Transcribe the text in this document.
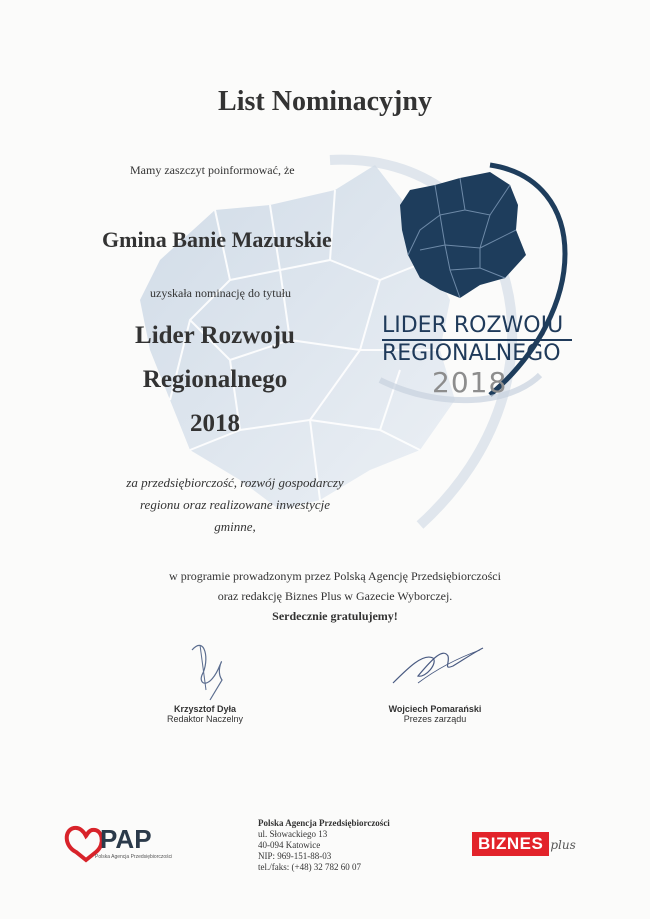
List Nominacyjny
Mamy zaszczyt poinformować, że
Gmina Banie Mazurskie
uzyskała nominację do tytułu
Lider Rozwoju
Regionalnego
2018
za przedsiębiorczość, rozwój gospodarczy
regionu oraz realizowane inwestycje
gminne,
w programie prowadzonym przez Polską Agencję Przedsiębiorczości
oraz redakcję Biznes Plus w Gazecie Wyborczej.
Serdecznie gratulujemy!
LIDER ROZWOJU
REGIONALNEGO
2018
Krzysztof Dyła
Redaktor Naczelny
Wojciech Pomarański
Prezes zarządu
PAP
Polska Agencja Przedsiębiorczości
Polska Agencja Przedsiębiorczości
ul. Słowackiego 13
40-094 Katowice
NIP: 969-151-88-03
tel./faks: (+48) 32 782 60 07
BIZNES plus
